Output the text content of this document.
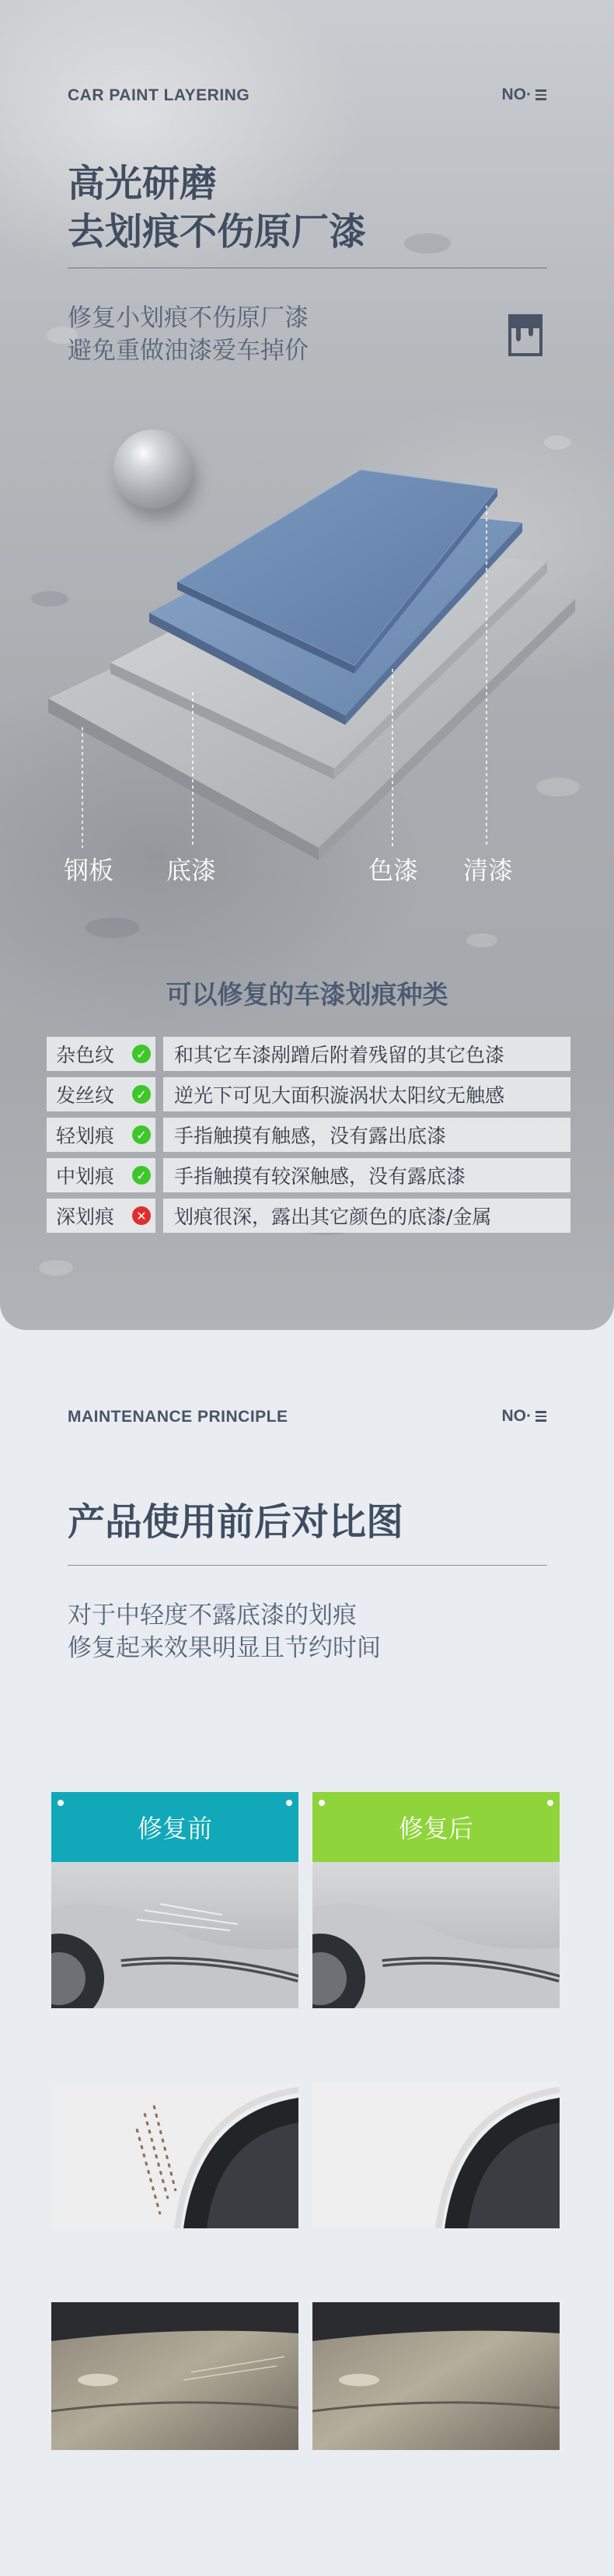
CAR PAINT LAYERING	NO·
高光研磨
去划痕不伤原厂漆
修复小划痕不伤原厂漆
避免重做油漆爱车掉价
钢板 底漆	色漆 清漆
可以修复的车漆划痕种类
杂色纹	✓	和其它车漆剐蹭后附着残留的其它色漆
发丝纹	✓	逆光下可见大面积漩涡状太阳纹无触感
轻划痕	✓	手指触摸有触感，没有露出底漆
中划痕	✓	手指触摸有较深触感，没有露底漆
深划痕	✕	划痕很深，露出其它颜色的底漆/金属
MAINTENANCE PRINCIPLE	NO·
产品使用前后对比图
对于中轻度不露底漆的划痕
修复起来效果明显且节约时间
修复前	修复后
